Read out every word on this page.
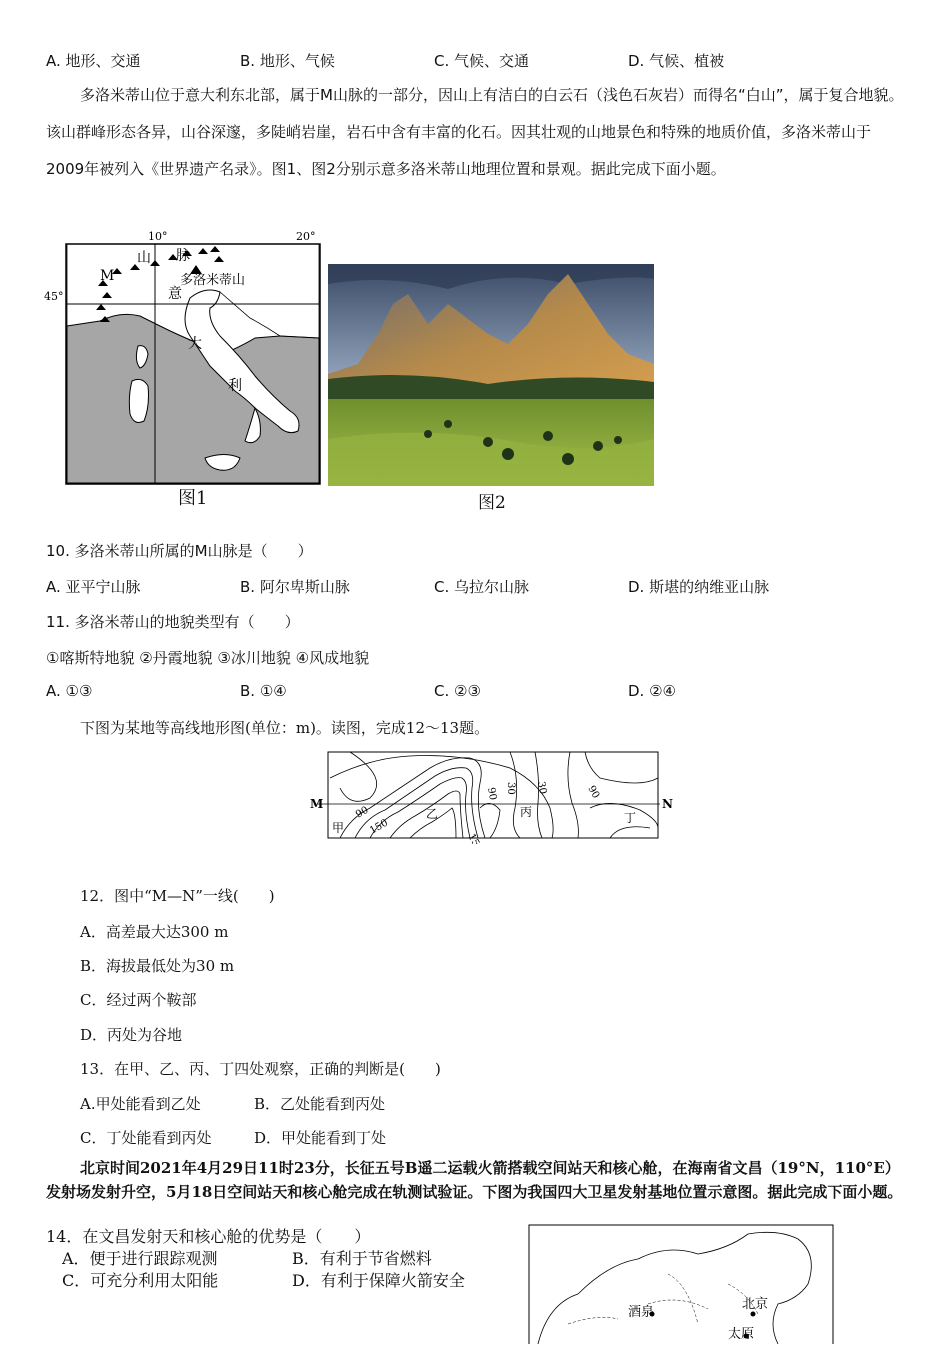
A. 地形、交通	B. 地形、气候	C. 气候、交通	D. 气候、植被
多洛米蒂山位于意大利东北部，属于M山脉的一部分，因山上有洁白的白云石（浅色石灰岩）而得名“白山”，属于复合地貌。该山群峰形态各异，山谷深邃，多陡峭岩崖，岩石中含有丰富的化石。因其壮观的山地景色和特殊的地质价值，多洛米蒂山于2009年被列入《世界遗产名录》。图1、图2分别示意多洛米蒂山地理位置和景观。据此完成下面小题。
多洛米蒂山
10°	20°
45°
M
山 脉
意
大
利
图1	图2
10. 多洛米蒂山所属的M山脉是（　　）
A. 亚平宁山脉	B. 阿尔卑斯山脉	C. 乌拉尔山脉	D. 斯堪的纳维亚山脉
11. 多洛米蒂山的地貌类型有（　　）
①喀斯特地貌 ②丹霞地貌 ③冰川地貌 ④风成地貌
A. ①③	B. ①④	C. ②③	D. ②④
下图为某地等高线地形图(单位：m)。读图，完成12～13题。
M	N
甲
乙	丙	丁
90
150
150
90 30 30	90
12．图中“M—N”一线(　　)
A．高差最大达300 m
B．海拔最低处为30 m
C．经过两个鞍部
D．丙处为谷地
13．在甲、乙、丙、丁四处观察，正确的判断是(　　)
A.甲处能看到乙处	B．乙处能看到丙处
C．丁处能看到丙处	D．甲处能看到丁处
北京时间2021年4月29日11时23分，长征五号B遥二运载火箭搭载空间站天和核心舱，在海南省文昌（19°N，110°E）发射场发射升空，5月18日空间站天和核心舱完成在轨测试验证。下图为我国四大卫星发射基地位置示意图。据此完成下面小题。
14．在文昌发射天和核心舱的优势是（　　）
A．便于进行跟踪观测	B．有利于节省燃料
C．可充分利用太阳能	D．有利于保障火箭安全
酒泉
北京
太原
